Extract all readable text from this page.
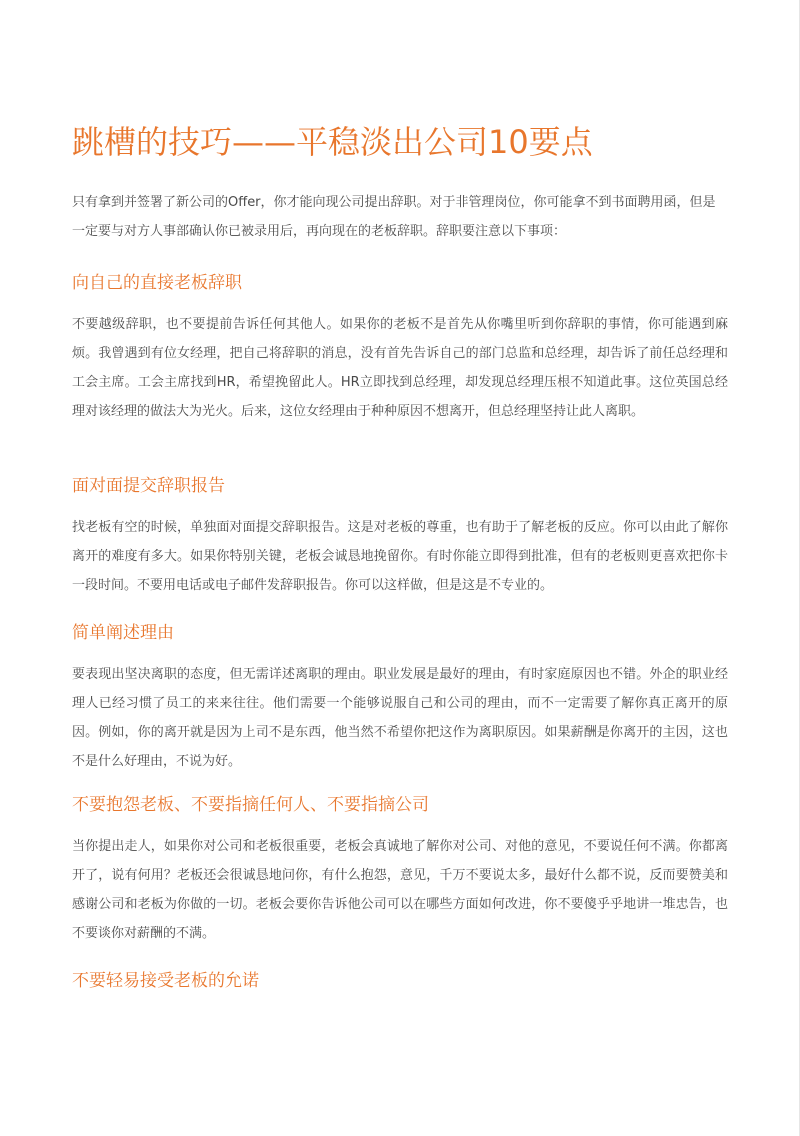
跳槽的技巧——平稳淡出公司10要点

只有拿到并签署了新公司的Offer，你才能向现公司提出辞职。对于非管理岗位，你可能拿不到书面聘用函，但是一定要与对方人事部确认你已被录用后，再向现在的老板辞职。辞职要注意以下事项：

向自己的直接老板辞职

不要越级辞职，也不要提前告诉任何其他人。如果你的老板不是首先从你嘴里听到你辞职的事情，你可能遇到麻烦。我曾遇到有位女经理，把自己将辞职的消息，没有首先告诉自己的部门总监和总经理，却告诉了前任总经理和工会主席。工会主席找到HR，希望挽留此人。HR立即找到总经理，却发现总经理压根不知道此事。这位英国总经理对该经理的做法大为光火。后来，这位女经理由于种种原因不想离开，但总经理坚持让此人离职。

面对面提交辞职报告

找老板有空的时候，单独面对面提交辞职报告。这是对老板的尊重，也有助于了解老板的反应。你可以由此了解你离开的难度有多大。如果你特别关键，老板会诚恳地挽留你。有时你能立即得到批准，但有的老板则更喜欢把你卡一段时间。不要用电话或电子邮件发辞职报告。你可以这样做，但是这是不专业的。

简单阐述理由

要表现出坚决离职的态度，但无需详述离职的理由。职业发展是最好的理由，有时家庭原因也不错。外企的职业经理人已经习惯了员工的来来往往。他们需要一个能够说服自己和公司的理由，而不一定需要了解你真正离开的原因。例如，你的离开就是因为上司不是东西，他当然不希望你把这作为离职原因。如果薪酬是你离开的主因，这也不是什么好理由，不说为好。

不要抱怨老板、不要指摘任何人、不要指摘公司

当你提出走人，如果你对公司和老板很重要，老板会真诚地了解你对公司、对他的意见，不要说任何不满。你都离开了，说有何用？老板还会很诚恳地问你，有什么抱怨，意见，千万不要说太多，最好什么都不说，反而要赞美和感谢公司和老板为你做的一切。老板会要你告诉他公司可以在哪些方面如何改进，你不要傻乎乎地讲一堆忠告，也不要谈你对薪酬的不满。

不要轻易接受老板的允诺
